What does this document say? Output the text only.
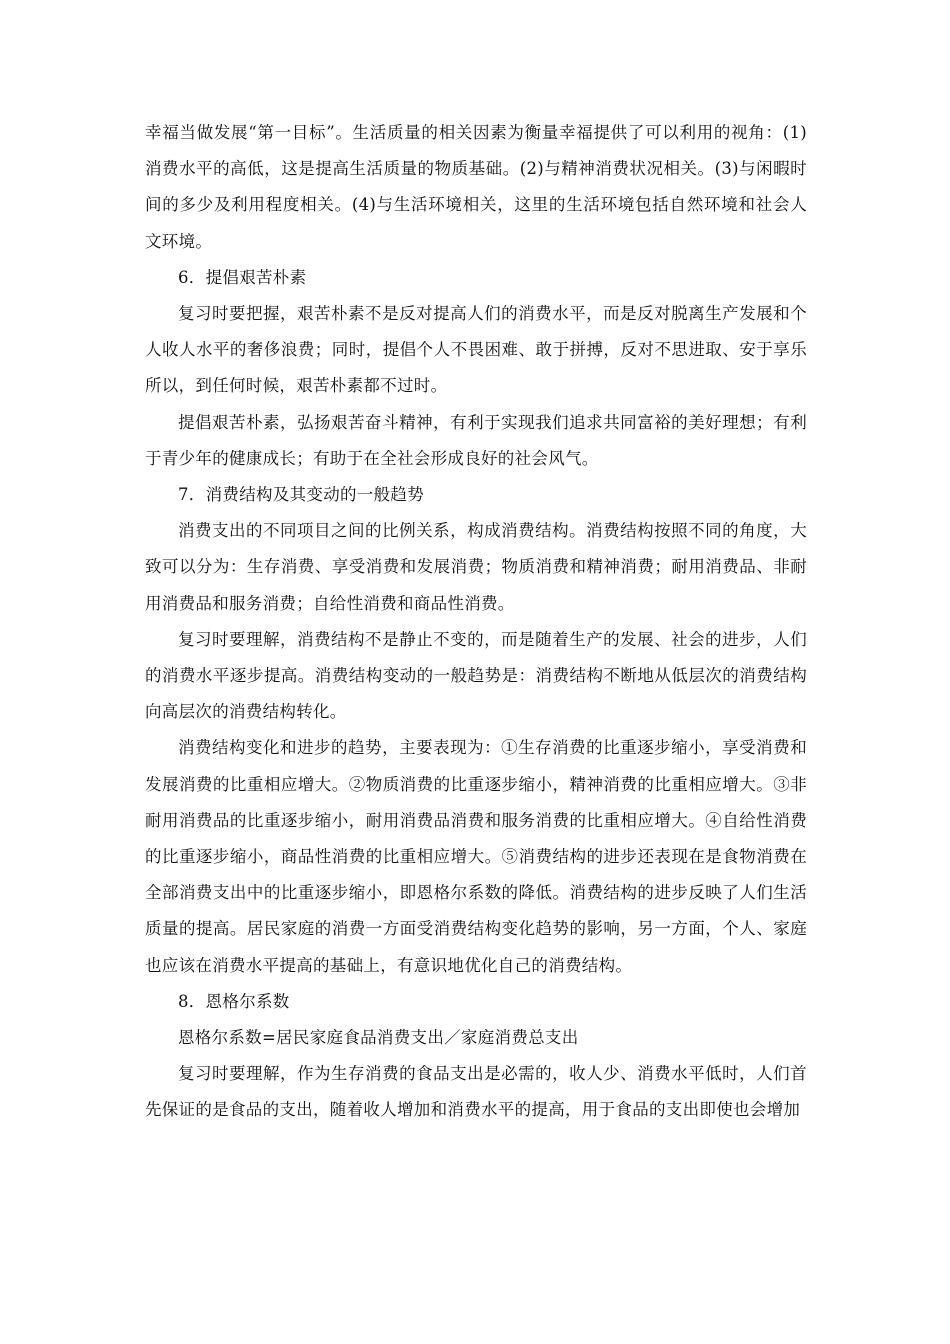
幸福当做发展“第一目标”。生活质量的相关因素为衡量幸福提供了可以利用的视角：(1)消费水平的高低，这是提高生活质量的物质基础。(2)与精神消费状况相关。(3)与闲暇时间的多少及利用程度相关。(4)与生活环境相关，这里的生活环境包括自然环境和社会人文环境。

6．提倡艰苦朴素

复习时要把握，艰苦朴素不是反对提高人们的消费水平，而是反对脱离生产发展和个人收人水平的奢侈浪费；同时，提倡个人不畏困难、敢于拼搏，反对不思进取、安于享乐所以，到任何时候，艰苦朴素都不过时。

提倡艰苦朴素，弘扬艰苦奋斗精神，有利于实现我们追求共同富裕的美好理想；有利于青少年的健康成长；有助于在全社会形成良好的社会风气。

7．消费结构及其变动的一般趋势

消费支出的不同项目之间的比例关系，构成消费结构。消费结构按照不同的角度，大致可以分为：生存消费、享受消费和发展消费；物质消费和精神消费；耐用消费品、非耐用消费品和服务消费；自给性消费和商品性消费。

复习时要理解，消费结构不是静止不变的，而是随着生产的发展、社会的进步，人们的消费水平逐步提高。消费结构变动的一般趋势是：消费结构不断地从低层次的消费结构向高层次的消费结构转化。

消费结构变化和进步的趋势，主要表现为：①生存消费的比重逐步缩小，享受消费和发展消费的比重相应增大。②物质消费的比重逐步缩小，精神消费的比重相应增大。③非耐用消费品的比重逐步缩小，耐用消费品消费和服务消费的比重相应增大。④自给性消费的比重逐步缩小，商品性消费的比重相应增大。⑤消费结构的进步还表现在是食物消费在全部消费支出中的比重逐步缩小，即恩格尔系数的降低。消费结构的进步反映了人们生活质量的提高。居民家庭的消费一方面受消费结构变化趋势的影响，另一方面，个人、家庭也应该在消费水平提高的基础上，有意识地优化自己的消费结构。

8．恩格尔系数

恩格尔系数=居民家庭食品消费支出／家庭消费总支出

复习时要理解，作为生存消费的食品支出是必需的，收人少、消费水平低时，人们首先保证的是食品的支出，随着收人增加和消费水平的提高，用于食品的支出即使也会增加
